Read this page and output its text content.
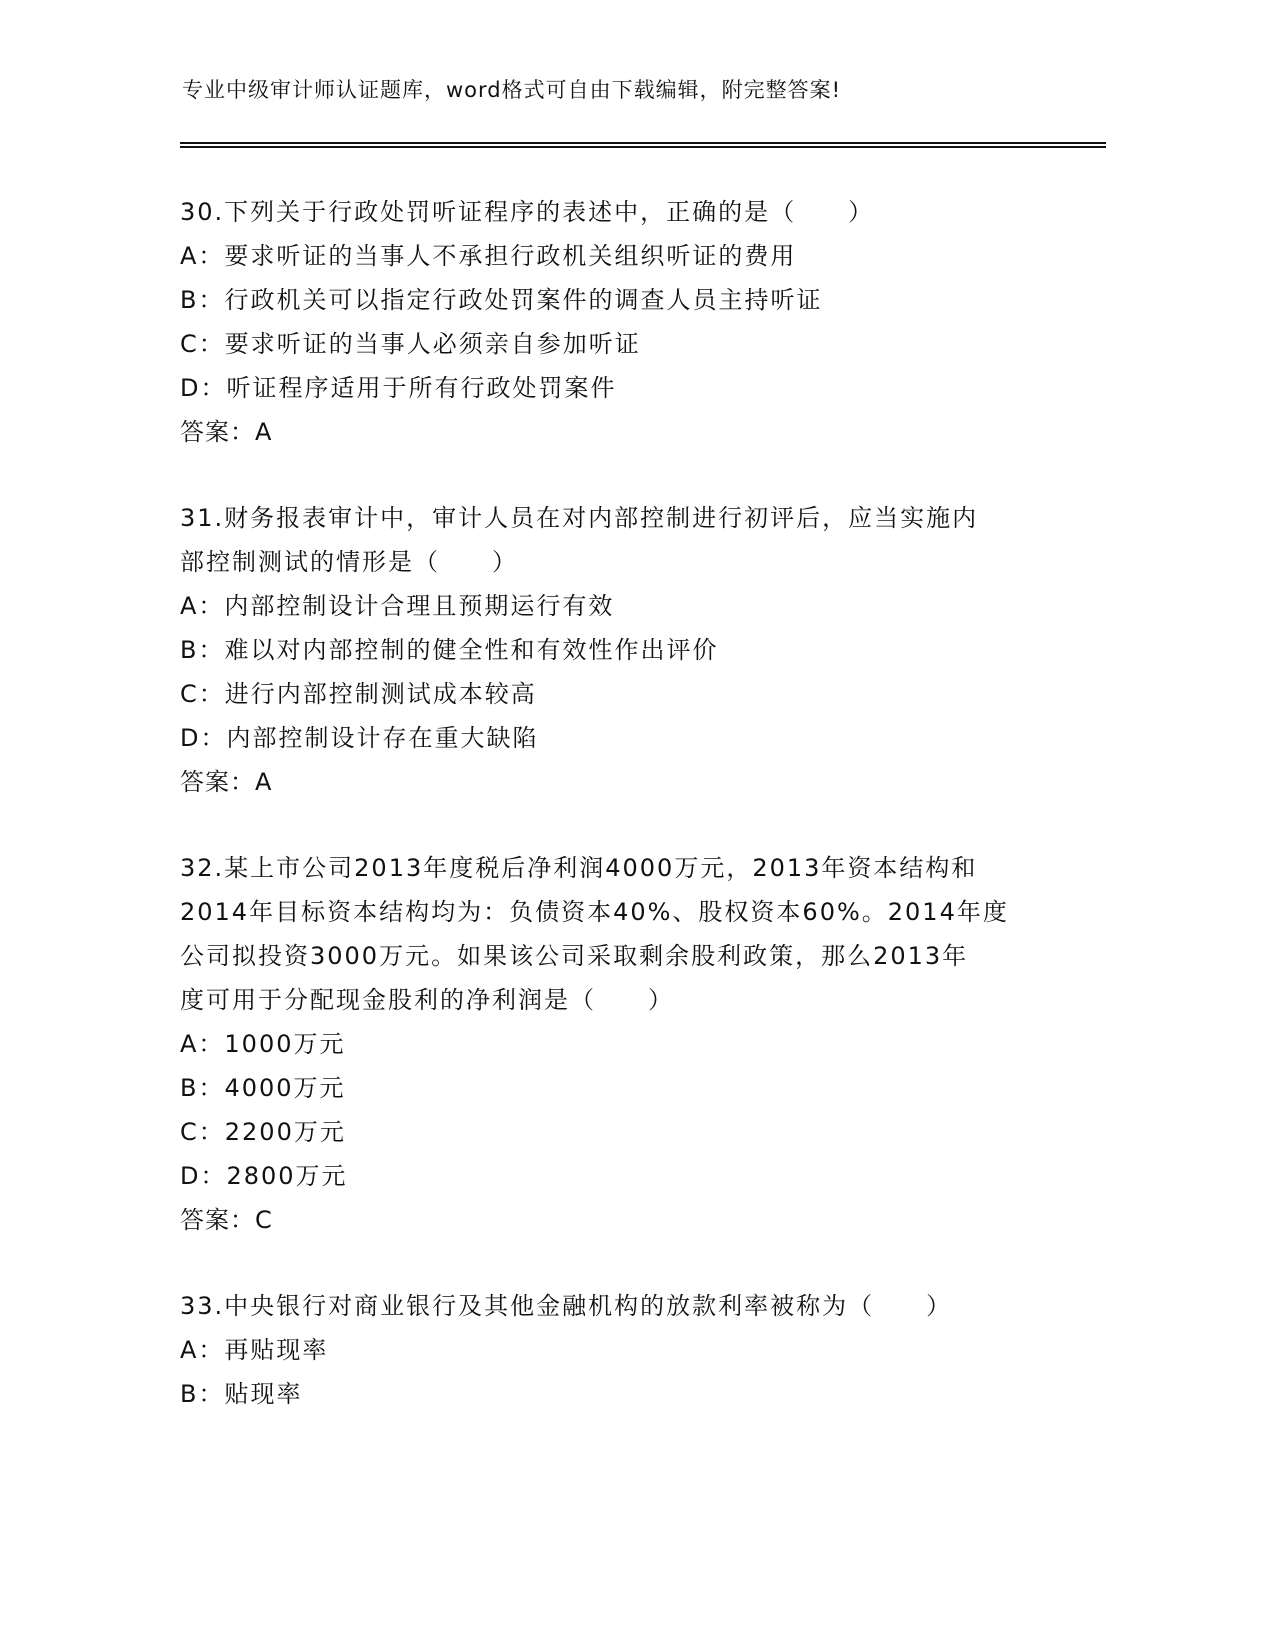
专业中级审计师认证题库，word格式可自由下载编辑，附完整答案!
30.下列关于行政处罚听证程序的表述中，正确的是（　　）
A：要求听证的当事人不承担行政机关组织听证的费用
B：行政机关可以指定行政处罚案件的调查人员主持听证
C：要求听证的当事人必须亲自参加听证
D：听证程序适用于所有行政处罚案件
答案：A
31.财务报表审计中，审计人员在对内部控制进行初评后，应当实施内
部控制测试的情形是（　　）
A：内部控制设计合理且预期运行有效
B：难以对内部控制的健全性和有效性作出评价
C：进行内部控制测试成本较高
D：内部控制设计存在重大缺陷
答案：A
32.某上市公司2013年度税后净利润4000万元，2013年资本结构和
2014年目标资本结构均为：负债资本40%、股权资本60%。2014年度
公司拟投资3000万元。如果该公司采取剩余股利政策，那么2013年
度可用于分配现金股利的净利润是（　　）
A：1000万元
B：4000万元
C：2200万元
D：2800万元
答案：C
33.中央银行对商业银行及其他金融机构的放款利率被称为（　　）
A：再贴现率
B：贴现率
